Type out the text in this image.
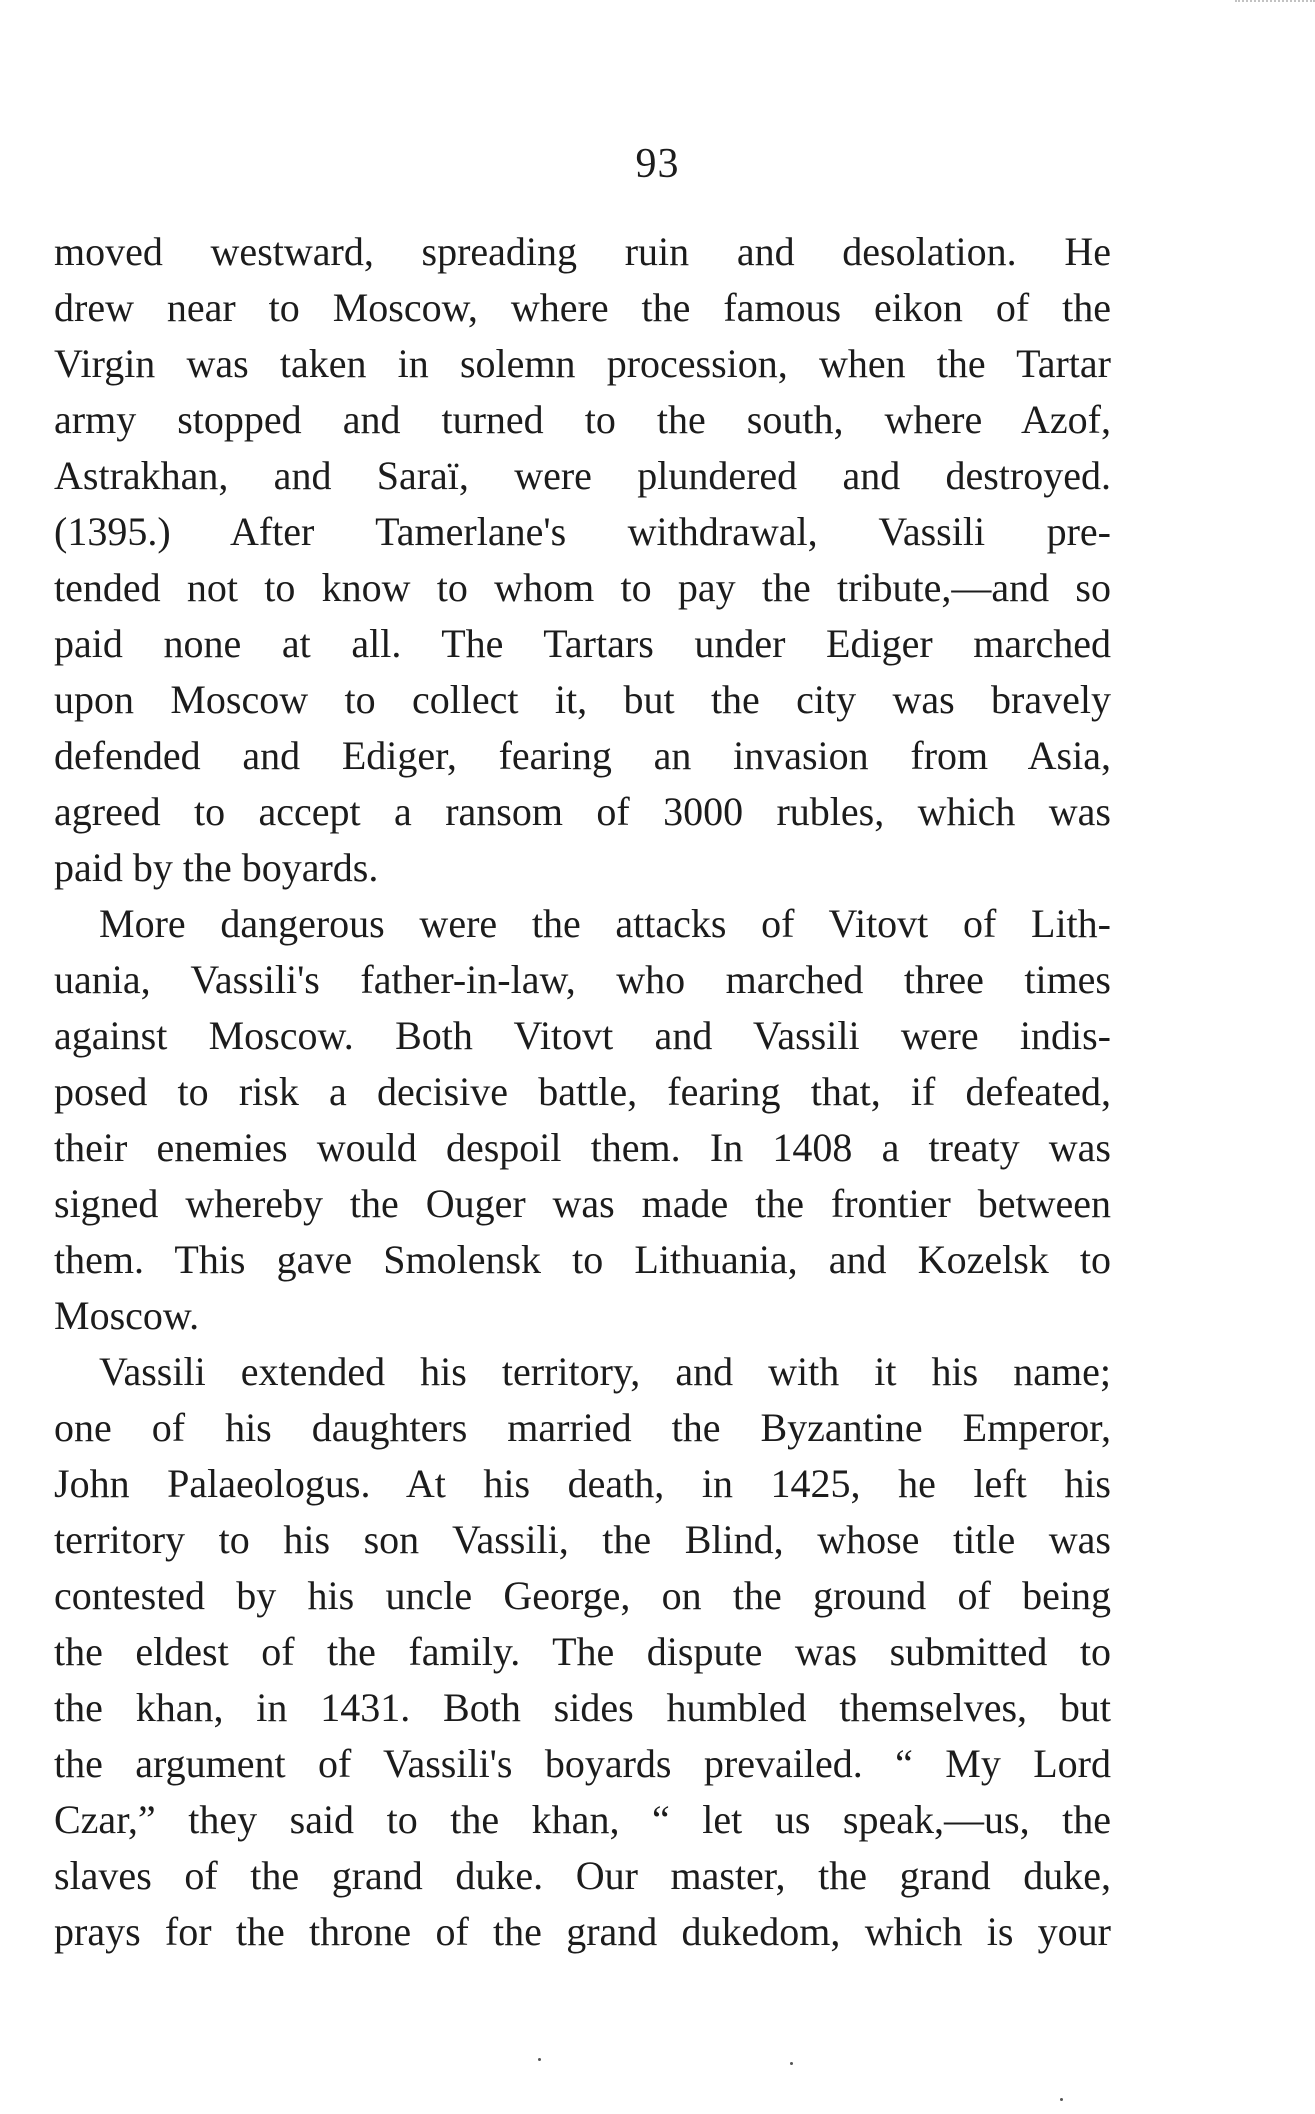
93
moved westward, spreading ruin and desolation. He
drew near to Moscow, where the famous eikon of the
Virgin was taken in solemn procession, when the Tartar
army stopped and turned to the south, where Azof,
Astrakhan, and Saraï, were plundered and destroyed.
(1395.) After Tamerlane's withdrawal, Vassili pre-
tended not to know to whom to pay the tribute,—and so
paid none at all. The Tartars under Ediger marched
upon Moscow to collect it, but the city was bravely
defended and Ediger, fearing an invasion from Asia,
agreed to accept a ransom of 3000 rubles, which was
paid by the boyards.
More dangerous were the attacks of Vitovt of Lith-
uania, Vassili's father-in-law, who marched three times
against Moscow. Both Vitovt and Vassili were indis-
posed to risk a decisive battle, fearing that, if defeated,
their enemies would despoil them. In 1408 a treaty was
signed whereby the Ouger was made the frontier between
them. This gave Smolensk to Lithuania, and Kozelsk to
Moscow.
Vassili extended his territory, and with it his name;
one of his daughters married the Byzantine Emperor,
John Palaeologus. At his death, in 1425, he left his
territory to his son Vassili, the Blind, whose title was
contested by his uncle George, on the ground of being
the eldest of the family. The dispute was submitted to
the khan, in 1431. Both sides humbled themselves, but
the argument of Vassili's boyards prevailed. “ My Lord
Czar,” they said to the khan, “ let us speak,—us, the
slaves of the grand duke. Our master, the grand duke,
prays for the throne of the grand dukedom, which is your
